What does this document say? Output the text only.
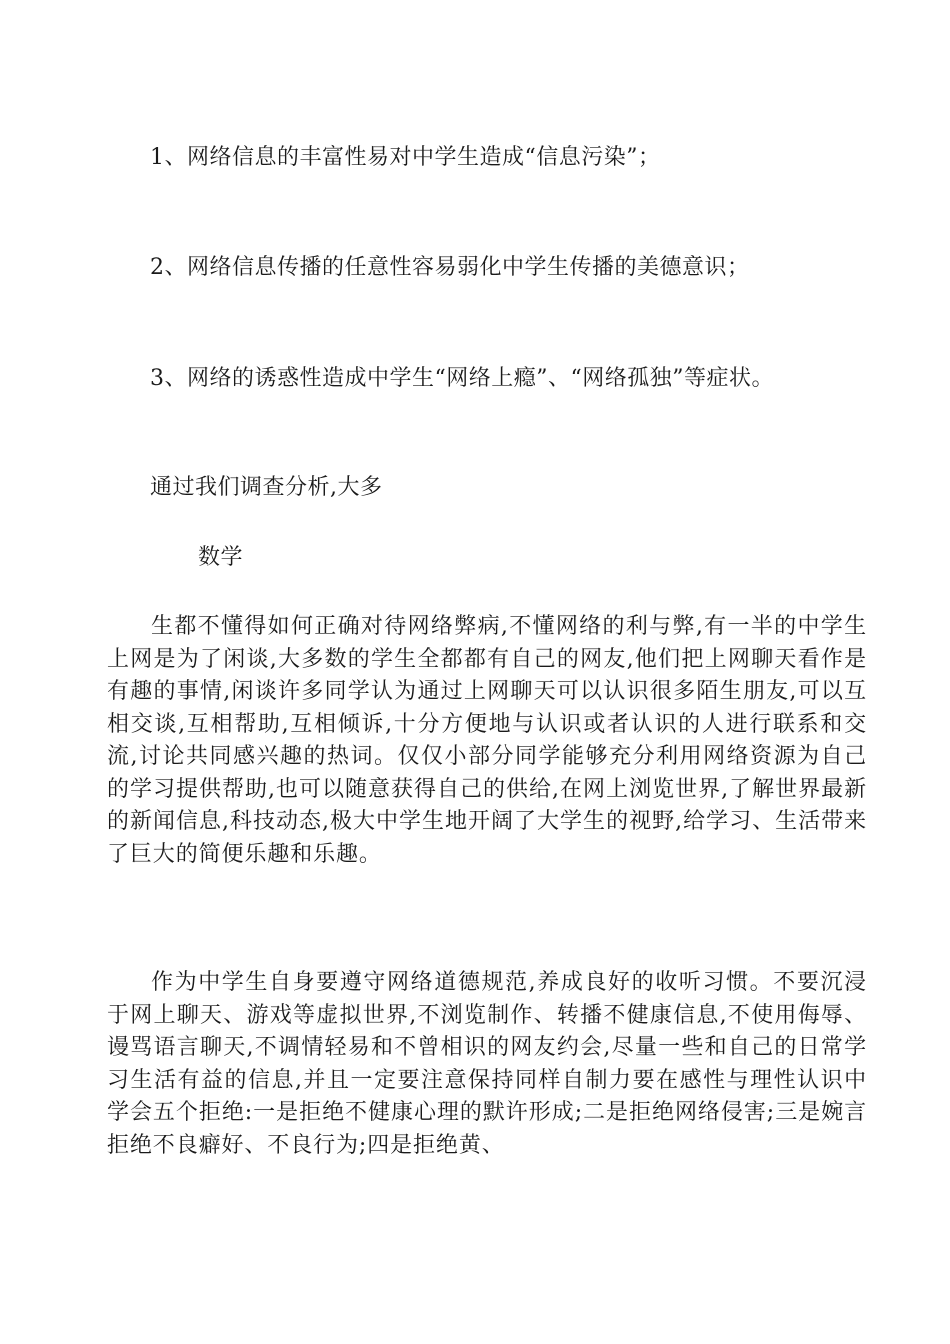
1、网络信息的丰富性易对中学生造成“信息污染”；
2、网络信息传播的任意性容易弱化中学生传播的美德意识；
3、网络的诱惑性造成中学生“网络上瘾”、“网络孤独”等症状。
通过我们调查分析,大多
数学

生都不懂得如何正确对待网络弊病,不懂网络的利与弊,有一半的中学生上网是为了闲谈,大多数的学生全都都有自己的网友,他们把上网聊天看作是有趣的事情,闲谈许多同学认为通过上网聊天可以认识很多陌生朋友,可以互相交谈,互相帮助,互相倾诉,十分方便地与认识或者认识的人进行联系和交流,讨论共同感兴趣的热词。仅仅小部分同学能够充分利用网络资源为自己的学习提供帮助,也可以随意获得自己的供给,在网上浏览世界,了解世界最新的新闻信息,科技动态,极大中学生地开阔了大学生的视野,给学习、生活带来了巨大的简便乐趣和乐趣。

作为中学生自身要遵守网络道德规范,养成良好的收听习惯。不要沉浸于网上聊天、游戏等虚拟世界,不浏览制作、转播不健康信息,不使用侮辱、谩骂语言聊天,不调情轻易和不曾相识的网友约会,尽量一些和自己的日常学习生活有益的信息,并且一定要注意保持同样自制力要在感性与理性认识中学会五个拒绝:一是拒绝不健康心理的默许形成;二是拒绝网络侵害;三是婉言拒绝不良癖好、不良行为;四是拒绝黄、
